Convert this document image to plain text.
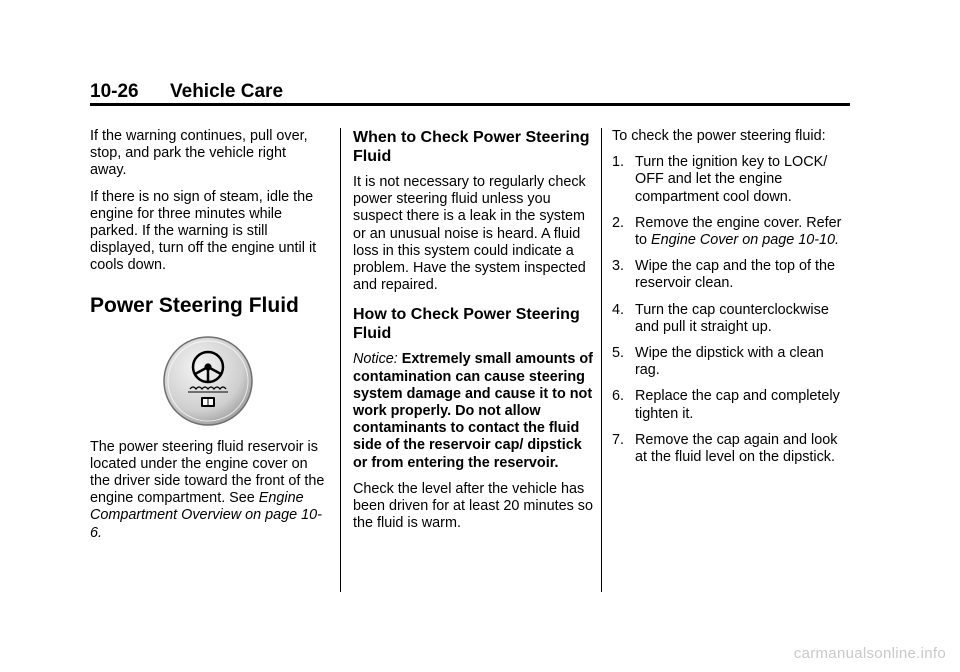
10-26 Vehicle Care

If the warning continues, pull over, stop, and park the vehicle right away.

If there is no sign of steam, idle the engine for three minutes while parked. If the warning is still displayed, turn off the engine until it cools down.

Power Steering Fluid

The power steering fluid reservoir is located under the engine cover on the driver side toward the front of the engine compartment. See Engine Compartment Overview on page 10-6.

When to Check Power Steering Fluid

It is not necessary to regularly check power steering fluid unless you suspect there is a leak in the system or an unusual noise is heard. A fluid loss in this system could indicate a problem. Have the system inspected and repaired.

How to Check Power Steering Fluid

Notice: Extremely small amounts of contamination can cause steering system damage and cause it to not work properly. Do not allow contaminants to contact the fluid side of the reservoir cap/ dipstick or from entering the reservoir.

Check the level after the vehicle has been driven for at least 20 minutes so the fluid is warm.

To check the power steering fluid:

1. Turn the ignition key to LOCK/ OFF and let the engine compartment cool down.
2. Remove the engine cover. Refer to Engine Cover on page 10-10.
3. Wipe the cap and the top of the reservoir clean.
4. Turn the cap counterclockwise and pull it straight up.
5. Wipe the dipstick with a clean rag.
6. Replace the cap and completely tighten it.
7. Remove the cap again and look at the fluid level on the dipstick.
carmanualsonline.info
